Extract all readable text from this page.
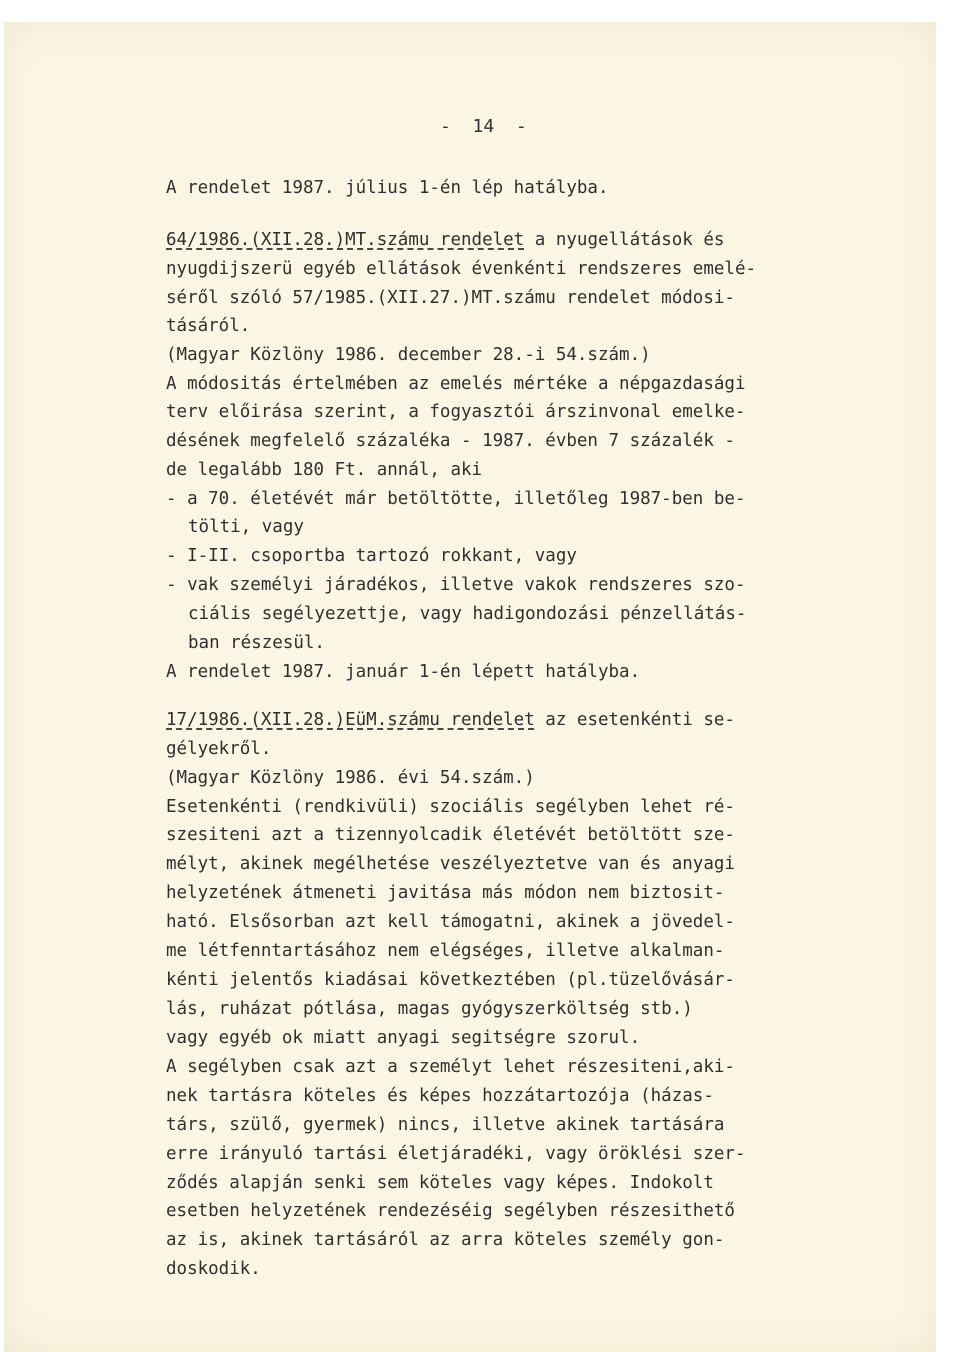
-  14  -
A rendelet 1987. július 1-én lép hatályba.
64/1986.(XII.28.)MT.számu rendelet a nyugellátások és
nyugdijszerü egyéb ellátások évenkénti rendszeres emelé-
séről szóló 57/1985.(XII.27.)MT.számu rendelet módosi-
tásáról.
(Magyar Közlöny 1986. december 28.-i 54.szám.)
A módositás értelmében az emelés mértéke a népgazdasági
terv előirása szerint, a fogyasztói árszinvonal emelke-
désének megfelelő százaléka - 1987. évben 7 százalék -
de legalább 180 Ft. annál, aki
- a 70. életévét már betöltötte, illetőleg 1987-ben be-
tölti, vagy
- I-II. csoportba tartozó rokkant, vagy
- vak személyi járadékos, illetve vakok rendszeres szo-
ciális segélyezettje, vagy hadigondozási pénzellátás-
ban részesül.
A rendelet 1987. január 1-én lépett hatályba.
17/1986.(XII.28.)EüM.számu rendelet az esetenkénti se-
gélyekről.
(Magyar Közlöny 1986. évi 54.szám.)
Esetenkénti (rendkivüli) szociális segélyben lehet ré-
szesiteni azt a tizennyolcadik életévét betöltött sze-
mélyt, akinek megélhetése veszélyeztetve van és anyagi
helyzetének átmeneti javitása más módon nem biztosit-
ható. Elsősorban azt kell támogatni, akinek a jövedel-
me létfenntartásához nem elégséges, illetve alkalman-
kénti jelentős kiadásai következtében (pl.tüzelővásár-
lás, ruházat pótlása, magas gyógyszerköltség stb.)
vagy egyéb ok miatt anyagi segitségre szorul.
A segélyben csak azt a személyt lehet részesiteni,aki-
nek tartásra köteles és képes hozzátartozója (házas-
társ, szülő, gyermek) nincs, illetve akinek tartására
erre irányuló tartási életjáradéki, vagy öröklési szer-
ződés alapján senki sem köteles vagy képes. Indokolt
esetben helyzetének rendezéséig segélyben részesithető
az is, akinek tartásáról az arra köteles személy gon-
doskodik.
